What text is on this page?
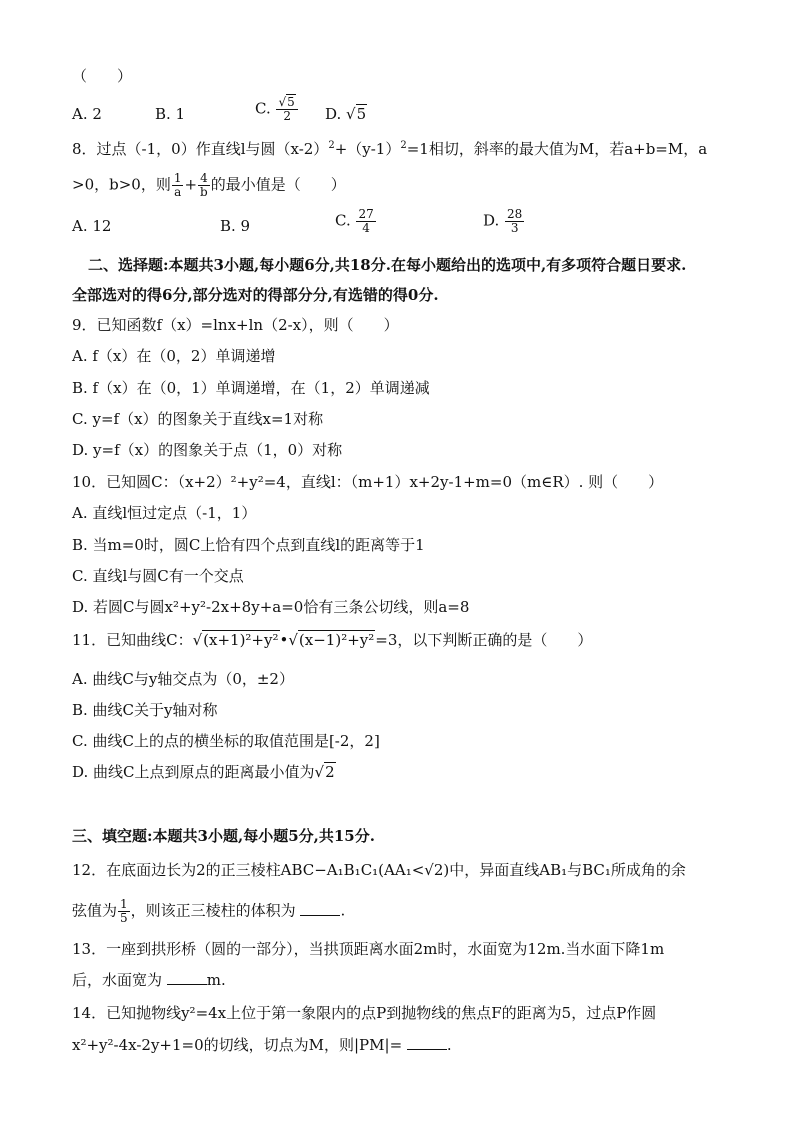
（　　）
A. 2	B. 1	C. $\frac{√5}{2} D$. √5
8．过点（-1，0）作直线l与圆$(x-2)^2+(y-1)^2=1$相切，斜率的最大值为M，若a+b=M，a
>0，b>0，则 $\frac{1}{a} + \frac{4}{b}$ 的最小值是（　　）
A. 12	B. 9	C. $\frac{27}{4}$	D. $\frac{28}{3}$
二、选择题:本题共3小题,每小题6分,共18分.在每小题给出的选项中,有多项符合题日要求.
全部选对的得6分,部分选对的得部分分,有选错的得0分.
9．已知函数f（x）=lnx+ln（2-x），则（　　）
A. f（x）在（0，2）单调递增
B. f（x）在（0，1）单调递增，在（1，2）单调递减
C. y=f（x）的图象关于直线x=1对称
D. y=f（x）的图象关于点（1，0）对称
10．已知圆C：（x+2）²+y²=4，直线l：（m+1）x+2y-1+m=0（m∈R）. 则（　　）
A. 直线l恒过定点（-1，1）
B. 当m=0时，圆C上恰有四个点到直线l的距离等于1
C. 直线l与圆C有一个交点
D. 若圆C与圆x²+y²-2x+8y+a=0恰有三条公切线，则a=8
11．已知曲线C：√(x+1)²+y²•√(x−1)²+y²=3，以下判断正确的是（　　）
A. 曲线C与y轴交点为（0，±2）
B. 曲线C关于y轴对称
C. 曲线C上的点的横坐标的取值范围是[-2，2]
D. 曲线C上点到原点的距离最小值为√2
三、填空题:本题共3小题,每小题5分,共15分.
12．在底面边长为2的正三棱柱ABC−A₁B₁C₁(AA₁<√2)中，异面直线AB₁与BC₁所成角的余
弦值为 $\frac{1}{5}$ ，则该正三棱柱的体积为	.
13．一座到拱形桥（圆的一部分），当拱顶距离水面2m时，水面宽为12m.当水面下降1m
后，水面宽为	m.
14．已知抛物线y²=4x上位于第一象限内的点P到抛物线的焦点F的距离为5，过点P作圆
x²+y²-4x-2y+1=0的切线，切点为M，则|PM|=	.
